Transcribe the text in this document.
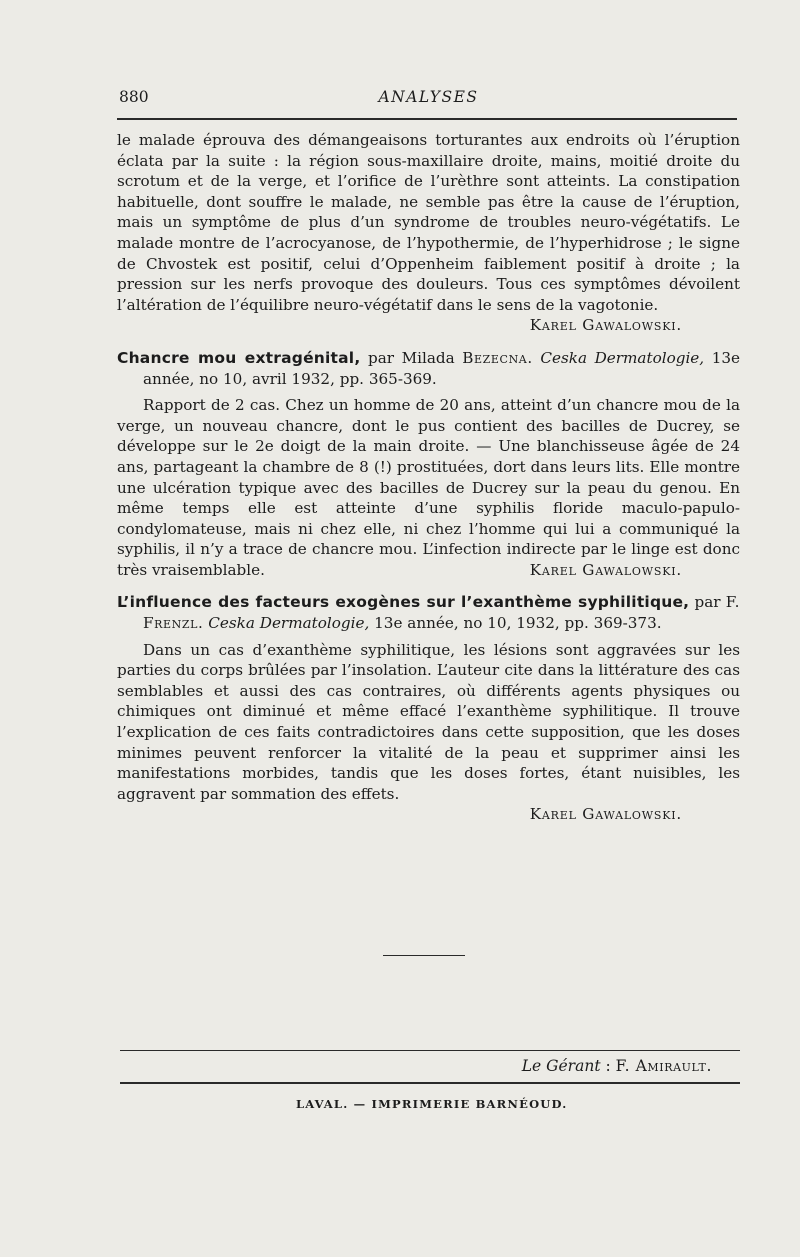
880	ANALYSES

le malade éprouva des démangeaisons torturantes aux endroits où l’éruption éclata par la suite : la région sous-maxillaire droite, mains, moitié droite du scrotum et de la verge, et l’orifice de l’urèthre sont atteints. La constipation habituelle, dont souffre le malade, ne semble pas être la cause de l’éruption, mais un symptôme de plus d’un syndrome de troubles neuro-végétatifs. Le malade montre de l’acrocyanose, de l’hypothermie, de l’hyperhidrose ; le signe de Chvostek est positif, celui d’Oppenheim faiblement positif à droite ; la pression sur les nerfs provoque des douleurs. Tous ces symptômes dévoilent l’altération de l’équilibre neuro-végétatif dans le sens de la vagotonie.

Karel Gawalowski.

Chancre mou extragénital, par Milada Bezecna. Ceska Dermatologie, 13e année, no 10, avril 1932, pp. 365-369.

Rapport de 2 cas. Chez un homme de 20 ans, atteint d’un chancre mou de la verge, un nouveau chancre, dont le pus contient des bacilles de Ducrey, se développe sur le 2e doigt de la main droite. — Une blanchisseuse âgée de 24 ans, partageant la chambre de 8 (!) prostituées, dort dans leurs lits. Elle montre une ulcération typique avec des bacilles de Ducrey sur la peau du genou. En même temps elle est atteinte d’une syphilis floride maculo-papulo-condylomateuse, mais ni chez elle, ni chez l’homme qui lui a communiqué la syphilis, il n’y a trace de chancre mou. L’infection indirecte par le linge est donc très vraisemblable.	Karel Gawalowski.

L’influence des facteurs exogènes sur l’exanthème syphilitique, par F. Frenzl. Ceska Dermatologie, 13e année, no 10, 1932, pp. 369-373.

Dans un cas d’exanthème syphilitique, les lésions sont aggravées sur les parties du corps brûlées par l’insolation. L’auteur cite dans la littérature des cas semblables et aussi des cas contraires, où différents agents physiques ou chimiques ont diminué et même effacé l’exanthème syphilitique. Il trouve l’explication de ces faits contradictoires dans cette supposition, que les doses minimes peuvent renforcer la vitalité de la peau et supprimer ainsi les manifestations morbides, tandis que les doses fortes, étant nuisibles, les aggravent par sommation des effets.

Karel Gawalowski.

Le Gérant : F. Amirault.
LAVAL. — IMPRIMERIE BARNÉOUD.
